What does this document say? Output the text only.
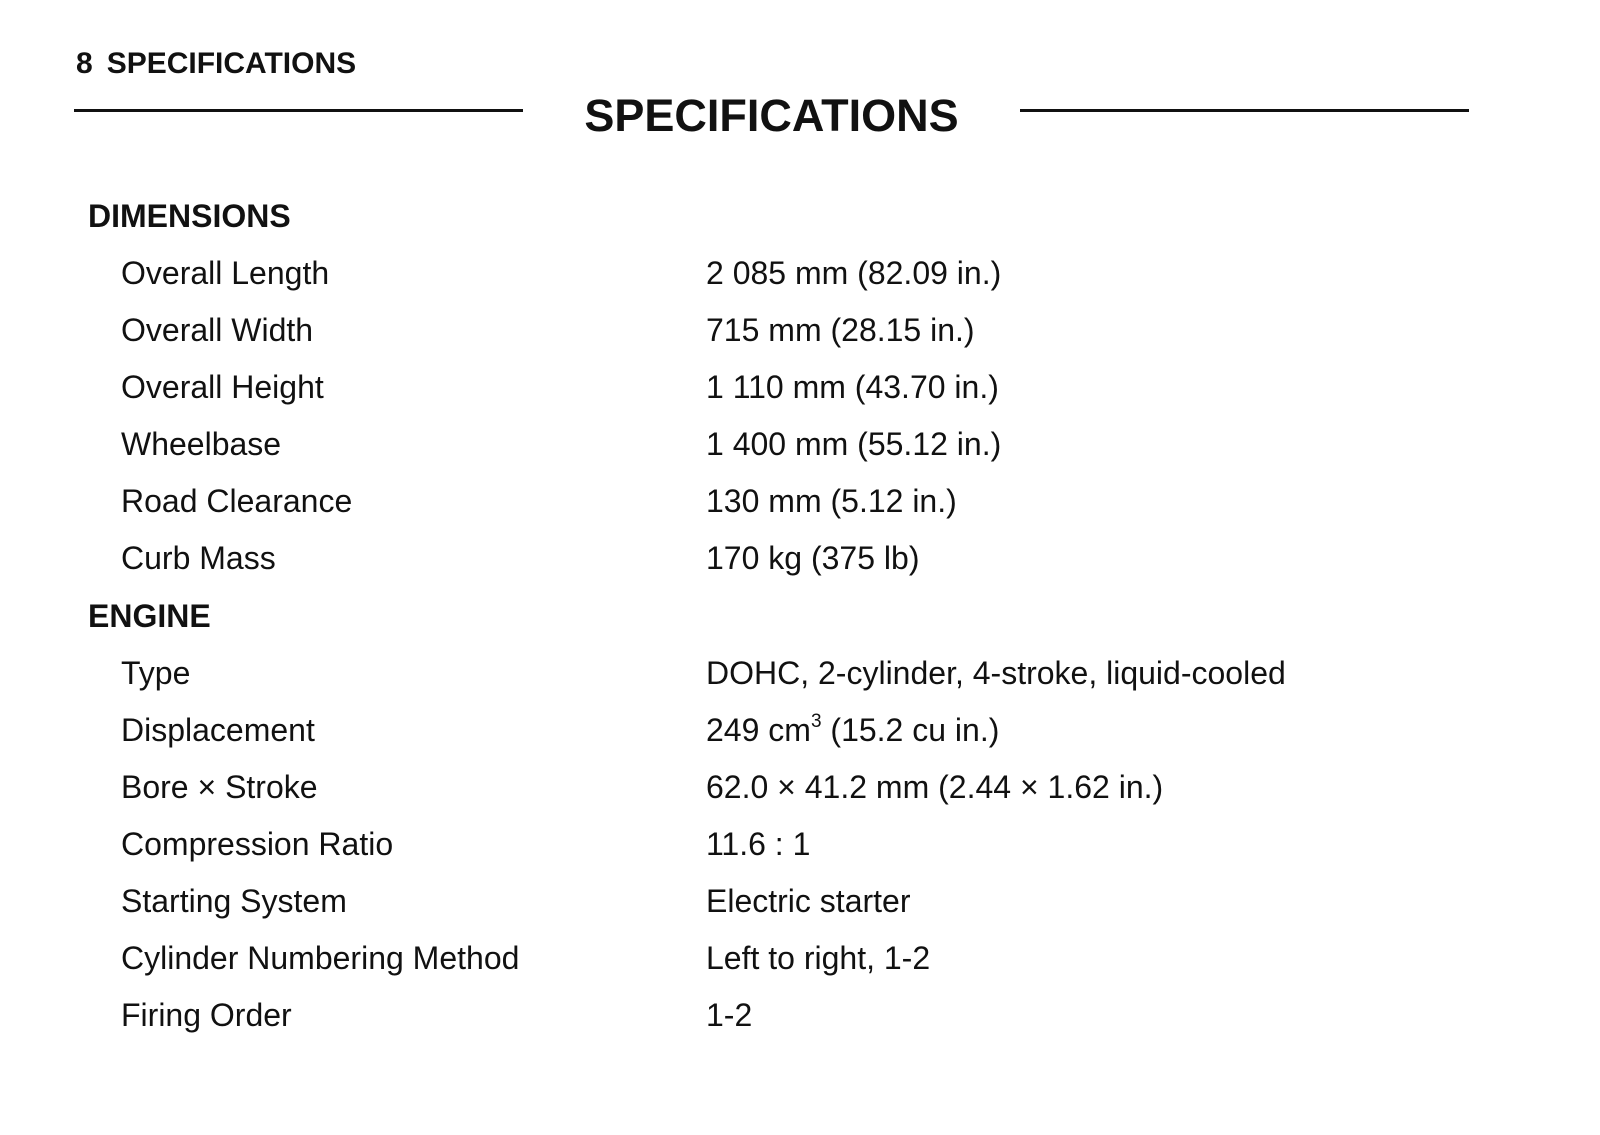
8 SPECIFICATIONS
SPECIFICATIONS
DIMENSIONS
Overall Length	2 085 mm (82.09 in.)
Overall Width	715 mm (28.15 in.)
Overall Height	1 110 mm (43.70 in.)
Wheelbase	1 400 mm (55.12 in.)
Road Clearance	130 mm (5.12 in.)
Curb Mass	170 kg (375 lb)
ENGINE
Type	DOHC, 2-cylinder, 4-stroke, liquid-cooled
Displacement	249 $cm^3$ (15.2 cu in.)
Bore × Stroke	62.0 × 41.2 mm (2.44 × 1.62 in.)
Compression Ratio	11.6 : 1
Starting System	Electric starter
Cylinder Numbering Method	Left to right, 1-2
Firing Order	1-2
